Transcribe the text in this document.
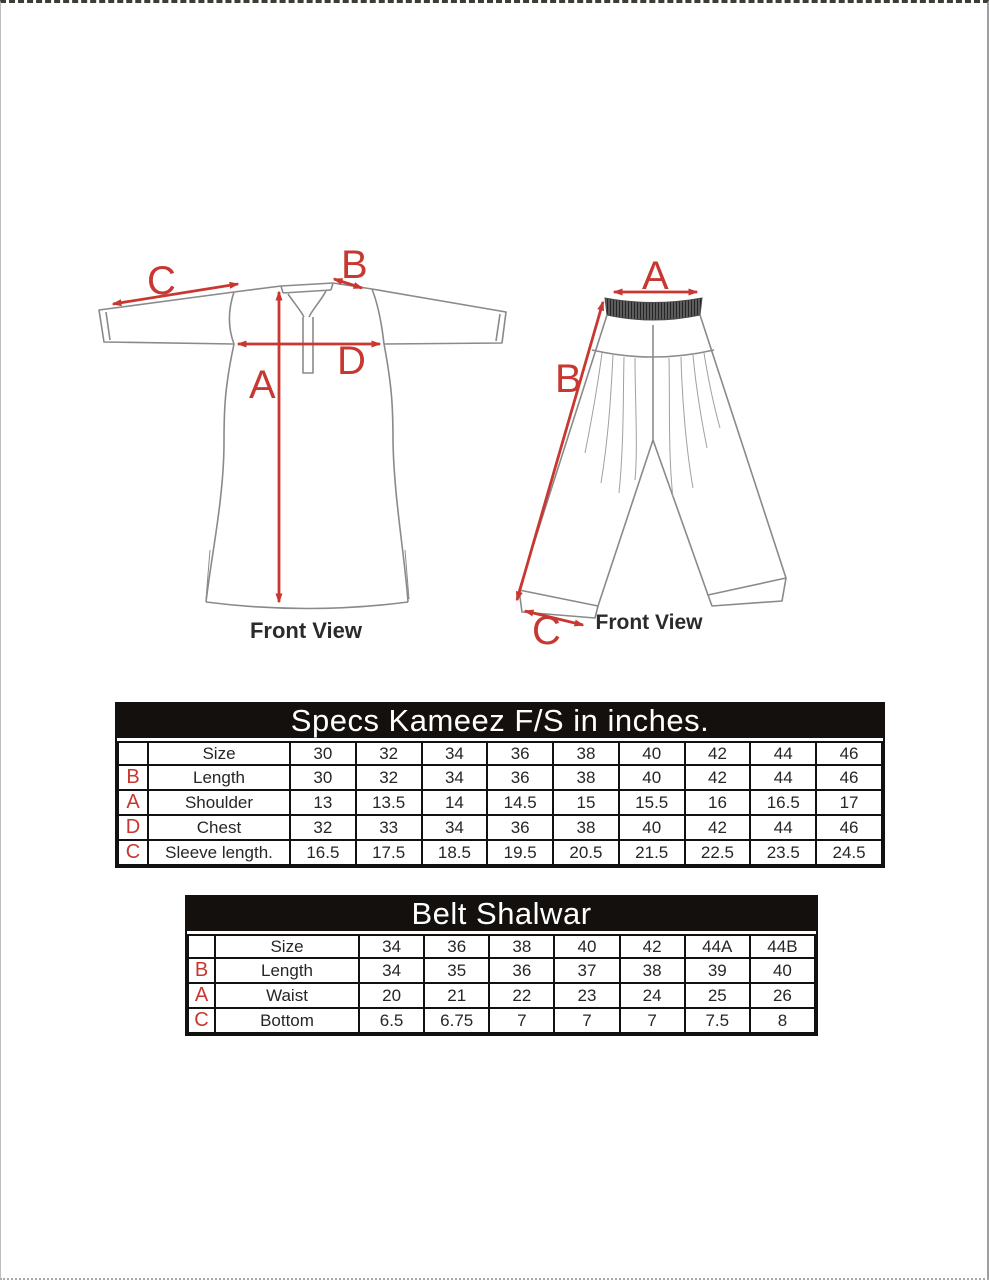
C	B
A
D
Front View
A
B
C Front View
Specs Kameez F/S in inches.
	Size	30	32	34	36	38	40	42	44	46
B	Length	30	32	34	36	38	40	42	44	46
A	Shoulder	13	13.5	14	14.5	15	15.5	16	16.5	17
D	Chest	32	33	34	36	38	40	42	44	46
C	Sleeve length.	16.5	17.5	18.5	19.5	20.5	21.5	22.5	23.5	24.5
Belt Shalwar
	Size	34	36	38	40	42	44A	44B
B	Length	34	35	36	37	38	39	40
A	Waist	20	21	22	23	24	25	26
C	Bottom	6.5	6.75	7	7	7	7.5	8
